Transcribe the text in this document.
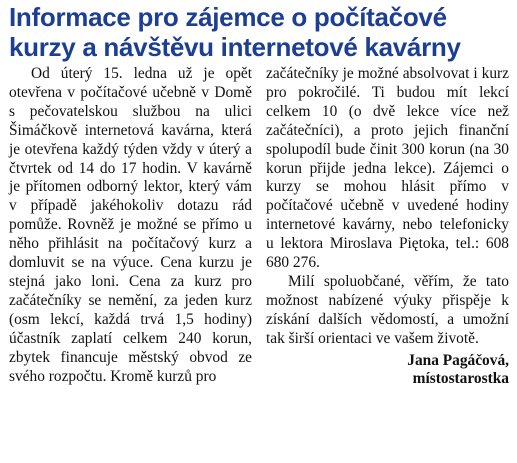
Informace pro zájemce o počítačové
kurzy a návštěvu internetové kavárny

Od úterý 15. ledna už je opět otevřena v počítačové učebně v Domě s pečovatelskou službou na ulici Šimáčkově internetová kavárna, která je otevřena každý týden vždy v úterý a čtvrtek od 14 do 17 hodin. V kavárně je přítomen odborný lektor, který vám v případě jakéhokoliv dotazu rád pomůže. Rovněž je možné se přímo u něho přihlásit na počítačový kurz a domluvit se na výuce. Cena kurzu je stejná jako loni. Cena za kurz pro začátečníky se nemění, za jeden kurz (osm lekcí, každá trvá 1,5 hodiny) účastník zaplatí celkem 240 korun, zbytek financuje městský obvod ze svého rozpočtu. Kromě kurzů pro

začátečníky je možné absolvovat i kurz pro pokročilé. Ti budou mít lekcí celkem 10 (o dvě lekce více než začátečníci), a proto jejich finanční spolupodíl bude činit 300 korun (na 30 korun přijde jedna lekce). Zájemci o kurzy se mohou hlásit přímo v počítačové učebně v uvedené hodiny internetové kavárny, nebo telefonicky u lektora Miroslava Piętoka, tel.: 608 680 276.

Milí spoluobčané, věřím, že tato možnost nabízené výuky přispěje k získání dalších vědomostí, a umožní tak širší orientaci ve vašem životě.

Jana Pagáčová,
místostarostka
